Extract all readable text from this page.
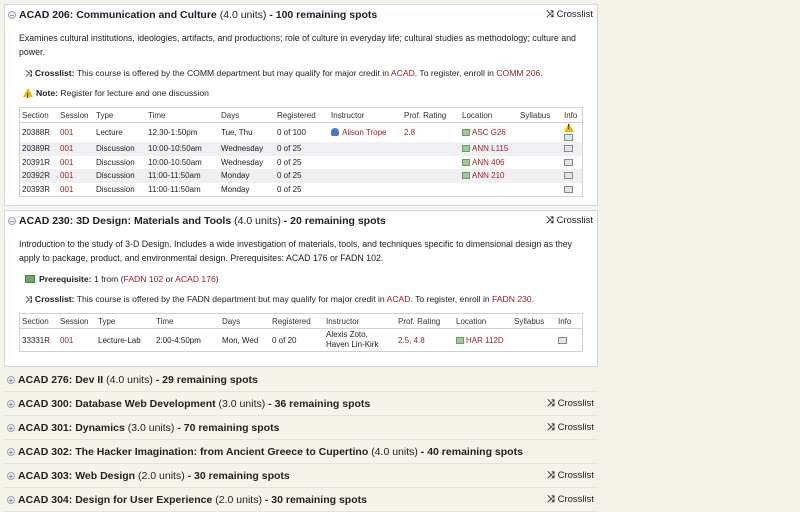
− ACAD 206: Communication and Culture (4.0 units) - 100 remaining spots	⤨ Crosslist
Examines cultural institutions, ideologies, artifacts, and productions; role of culture in everyday life; cultural studies as methodology; culture and power.
⤨ Crosslist: This course is offered by the COMM department but may qualify for major credit in ACAD. To register, enroll in COMM 206.
!Note: Register for lecture and one discussion
Section	Session	Type	Time	Days	Registered	Instructor	Prof. Rating	Location	Syllabus	Info
20388R	001	Lecture	12:30-1:50pm	Tue, Thu	0 of 100	Alison Trope	2.8	ASC G26		!
20389R	001	Discussion	10:00-10:50am	Wednesday	0 of 25			ANN L115		
20391R	001	Discussion	10:00-10:50am	Wednesday	0 of 25			ANN 406		
20392R	001	Discussion	11:00-11:50am	Monday	0 of 25			ANN 210		
20393R	001	Discussion	11:00-11:50am	Monday	0 of 25					
− ACAD 230: 3D Design: Materials and Tools (4.0 units) - 20 remaining spots	⤨ Crosslist
Introduction to the study of 3-D Design. Includes a wide investigation of materials, tools, and techniques specific to dimensional design as they apply to package, product, and environmental design. Prerequisites: ACAD 176 or FADN 102.
Prerequisite: 1 from (FADN 102 or ACAD 176)
⤨ Crosslist: This course is offered by the FADN department but may qualify for major credit in ACAD. To register, enroll in FADN 230.
Section	Session	Type	Time	Days	Registered	Instructor	Prof. Rating	Location	Syllabus	Info
33331R	001	Lecture-Lab	2:00-4:50pm	Mon, Wed	0 of 20	Alexis Zoto,
Haven Lin-Kirk	2.5, 4.8	HAR 112D		
+ ACAD 276: Dev II (4.0 units) - 29 remaining spots
+ ACAD 300: Database Web Development (3.0 units) - 36 remaining spots	⤨ Crosslist
+ ACAD 301: Dynamics (3.0 units) - 70 remaining spots	⤨ Crosslist
+ ACAD 302: The Hacker Imagination: from Ancient Greece to Cupertino (4.0 units) - 40 remaining spots
+ ACAD 303: Web Design (2.0 units) - 30 remaining spots	⤨ Crosslist
+ ACAD 304: Design for User Experience (2.0 units) - 30 remaining spots	⤨ Crosslist
